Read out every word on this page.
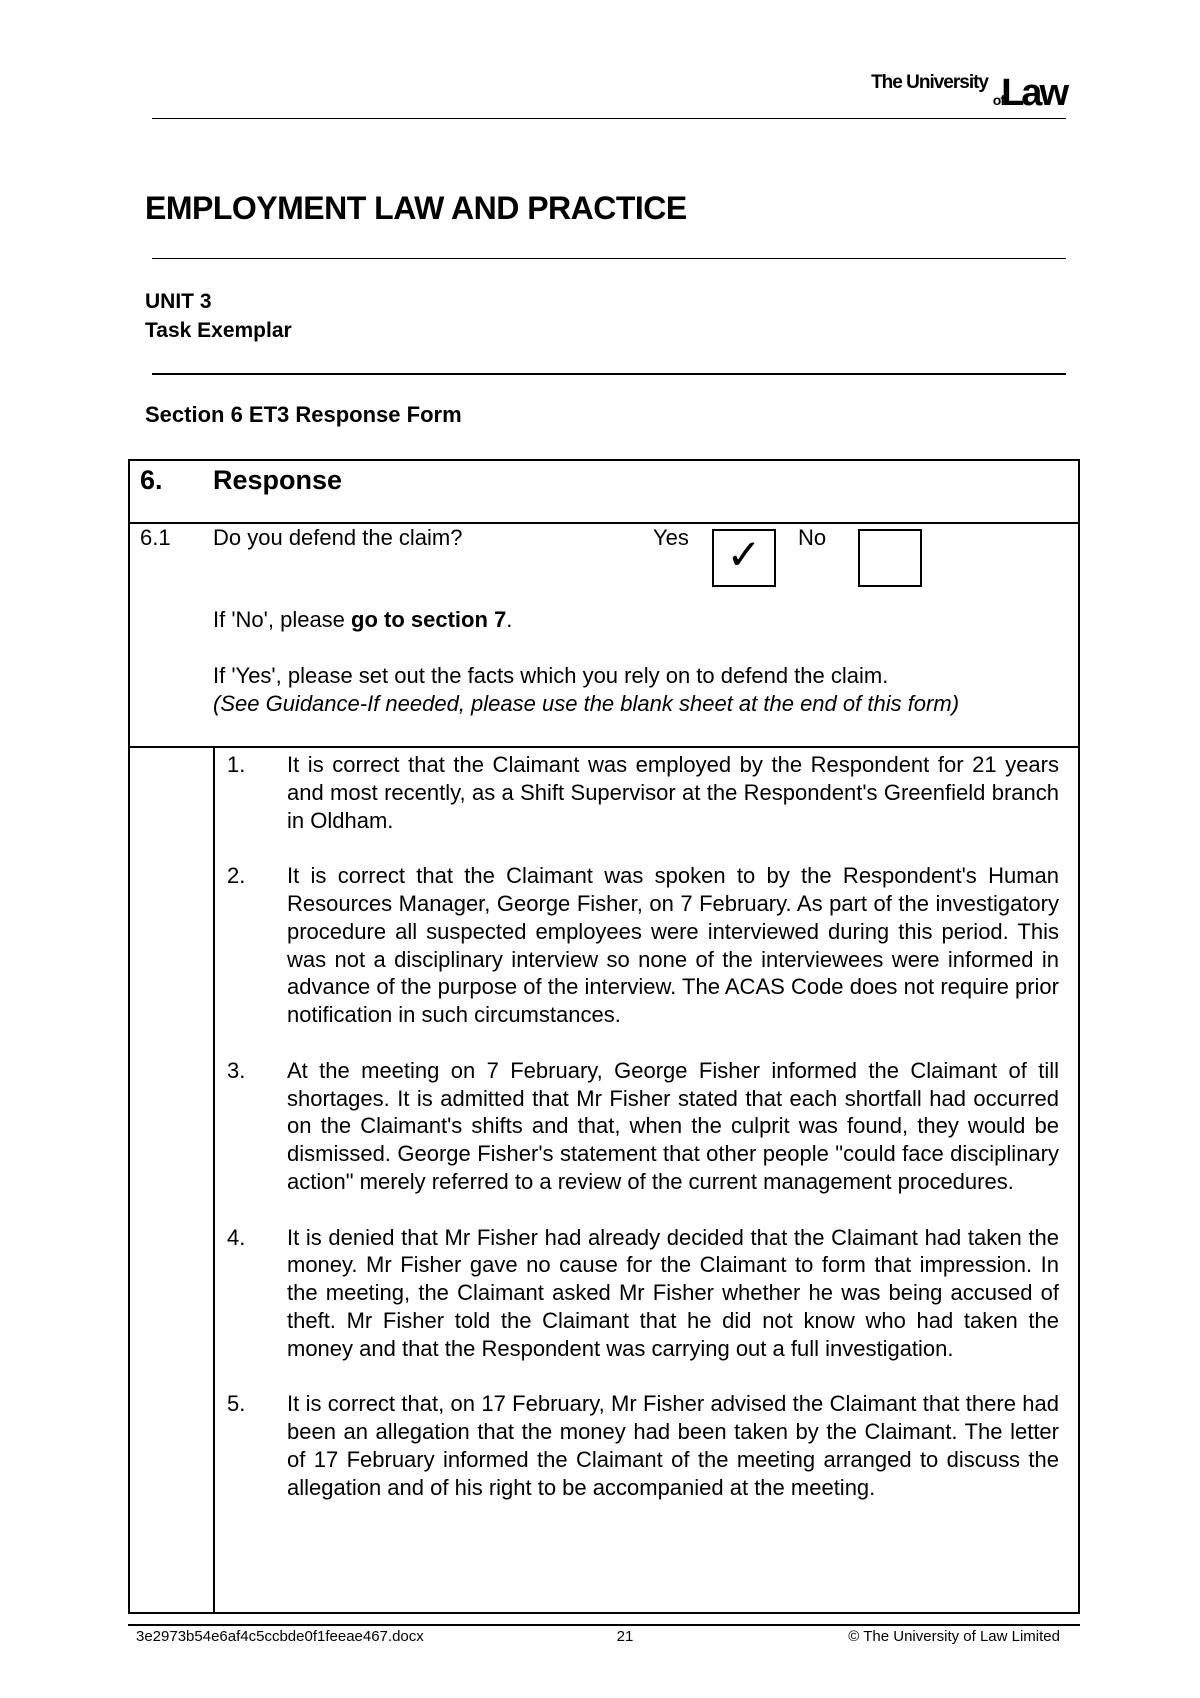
The University
of
Law
EMPLOYMENT LAW AND PRACTICE
UNIT 3
Task Exemplar
Section 6 ET3 Response Form
6. Response
6.1 Do you defend the claim?	Yes ✓	No
If 'No', please go to section 7.
If 'Yes', please set out the facts which you rely on to defend the claim.
(See Guidance-If needed, please use the blank sheet at the end of this form)
1.	It is correct that the Claimant was employed by the Respondent for 21 years and most recently, as a Shift Supervisor at the Respondent's Greenfield branch in Oldham.
2.	It is correct that the Claimant was spoken to by the Respondent's Human Resources Manager, George Fisher, on 7 February. As part of the investigatory procedure all suspected employees were interviewed during this period. This was not a disciplinary interview so none of the interviewees were informed in advance of the purpose of the interview. The ACAS Code does not require prior notification in such circumstances.
3.	At the meeting on 7 February, George Fisher informed the Claimant of till shortages. It is admitted that Mr Fisher stated that each shortfall had occurred on the Claimant's shifts and that, when the culprit was found, they would be dismissed. George Fisher's statement that other people "could face disciplinary action" merely referred to a review of the current management procedures.
4.	It is denied that Mr Fisher had already decided that the Claimant had taken the money. Mr Fisher gave no cause for the Claimant to form that impression. In the meeting, the Claimant asked Mr Fisher whether he was being accused of theft. Mr Fisher told the Claimant that he did not know who had taken the money and that the Respondent was carrying out a full investigation.
5.	It is correct that, on 17 February, Mr Fisher advised the Claimant that there had been an allegation that the money had been taken by the Claimant. The letter of 17 February informed the Claimant of the meeting arranged to discuss the allegation and of his right to be accompanied at the meeting.
3e2973b54e6af4c5ccbde0f1feeae467.docx	21	© The University of Law Limited
